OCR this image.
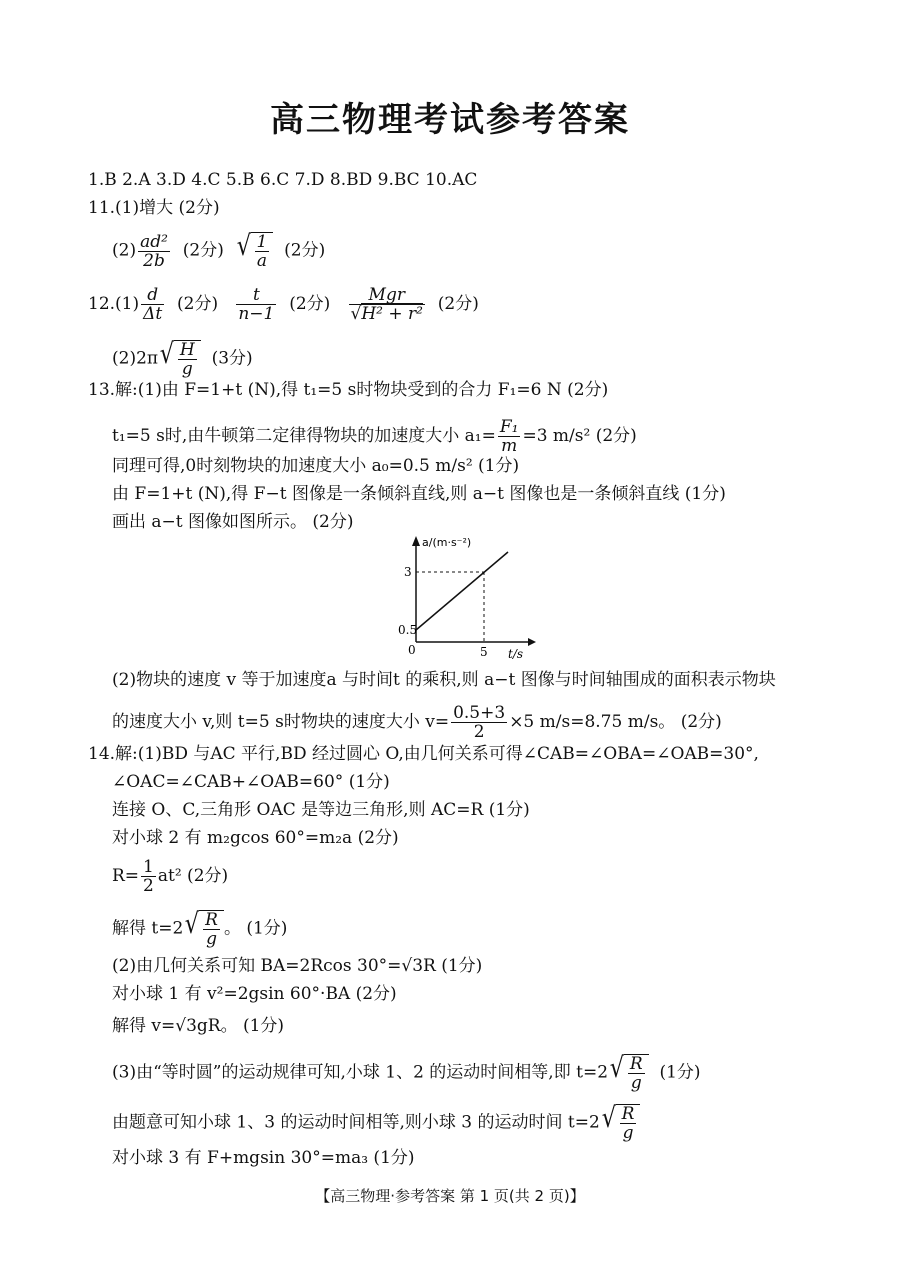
高三物理考试参考答案
1.B 2.A 3.D 4.C 5.B 6.C 7.D 8.BD 9.BC 10.AC
11.(1)增大 (2分)
$(2) \frac{\text{ad²}}{2b} (2$分) √ $\frac{1}{a} (2$分)
$12.(1) \frac{d}{\Delta t} (2$分) $\frac{t}{n-1} (2$分) $\frac{\text{Mgr}}{\text{√H² + r²}} (2$分)
(2)2π √ $\frac{H}{g} (3$分)
13.解:(1)由 F=1+t (N),得 t₁=5 s时物块受到的合力 F₁=6 N (2分)
t₁=5 s时,由牛顿第二定律得物块的加速度大小 $a_1= \frac{\text{F₁}}{m} =3$ m/s² (2分)
同理可得,0时刻物块的加速度大小 a₀=0.5 m/s² (1分)
由 F=1+t (N),得 F−t 图像是一条倾斜直线,则 a−t 图像也是一条倾斜直线 (1分)
画出 a−t 图像如图所示。 (2分)
a/(m·s⁻²)
t/s
3
0.5
5
0
(2)物块的速度 v 等于加速度a 与时间t 的乘积,则 a−t 图像与时间轴围成的面积表示物块
的速度大小 v,则 t=5 s时物块的速度大小 $v= \frac{0.5+3}{2} \times 5$ m/s=8.75 m/s。 (2分)
14.解:(1)BD 与AC 平行,BD 经过圆心 O,由几何关系可得∠CAB=∠OBA=∠OAB=30°,
∠OAC=∠CAB+∠OAB=60° (1分)
连接 O、C,三角形 OAC 是等边三角形,则 AC=R (1分)
对小球 2 有 m₂gcos 60°=m₂a (2分)
$R= \frac{1}{2} at^2$ (2分)
解得 t=2 √ $\frac{R}{g}$ 。 (1分)
(2)由几何关系可知 BA=2Rcos 30°=√3R (1分)
对小球 1 有 v²=2gsin 60°·BA (2分)
解得 v=√3gR。 (1分)
(3)由“等时圆”的运动规律可知,小球 1、2 的运动时间相等,即 t=2 √ $\frac{R}{g} (1$分)
由题意可知小球 1、3 的运动时间相等,则小球 3 的运动时间 t=2 √ $\frac{R}{g}$
对小球 3 有 F+mgsin 30°=ma₃ (1分)
【高三物理·参考答案 第 1 页(共 2 页)】
